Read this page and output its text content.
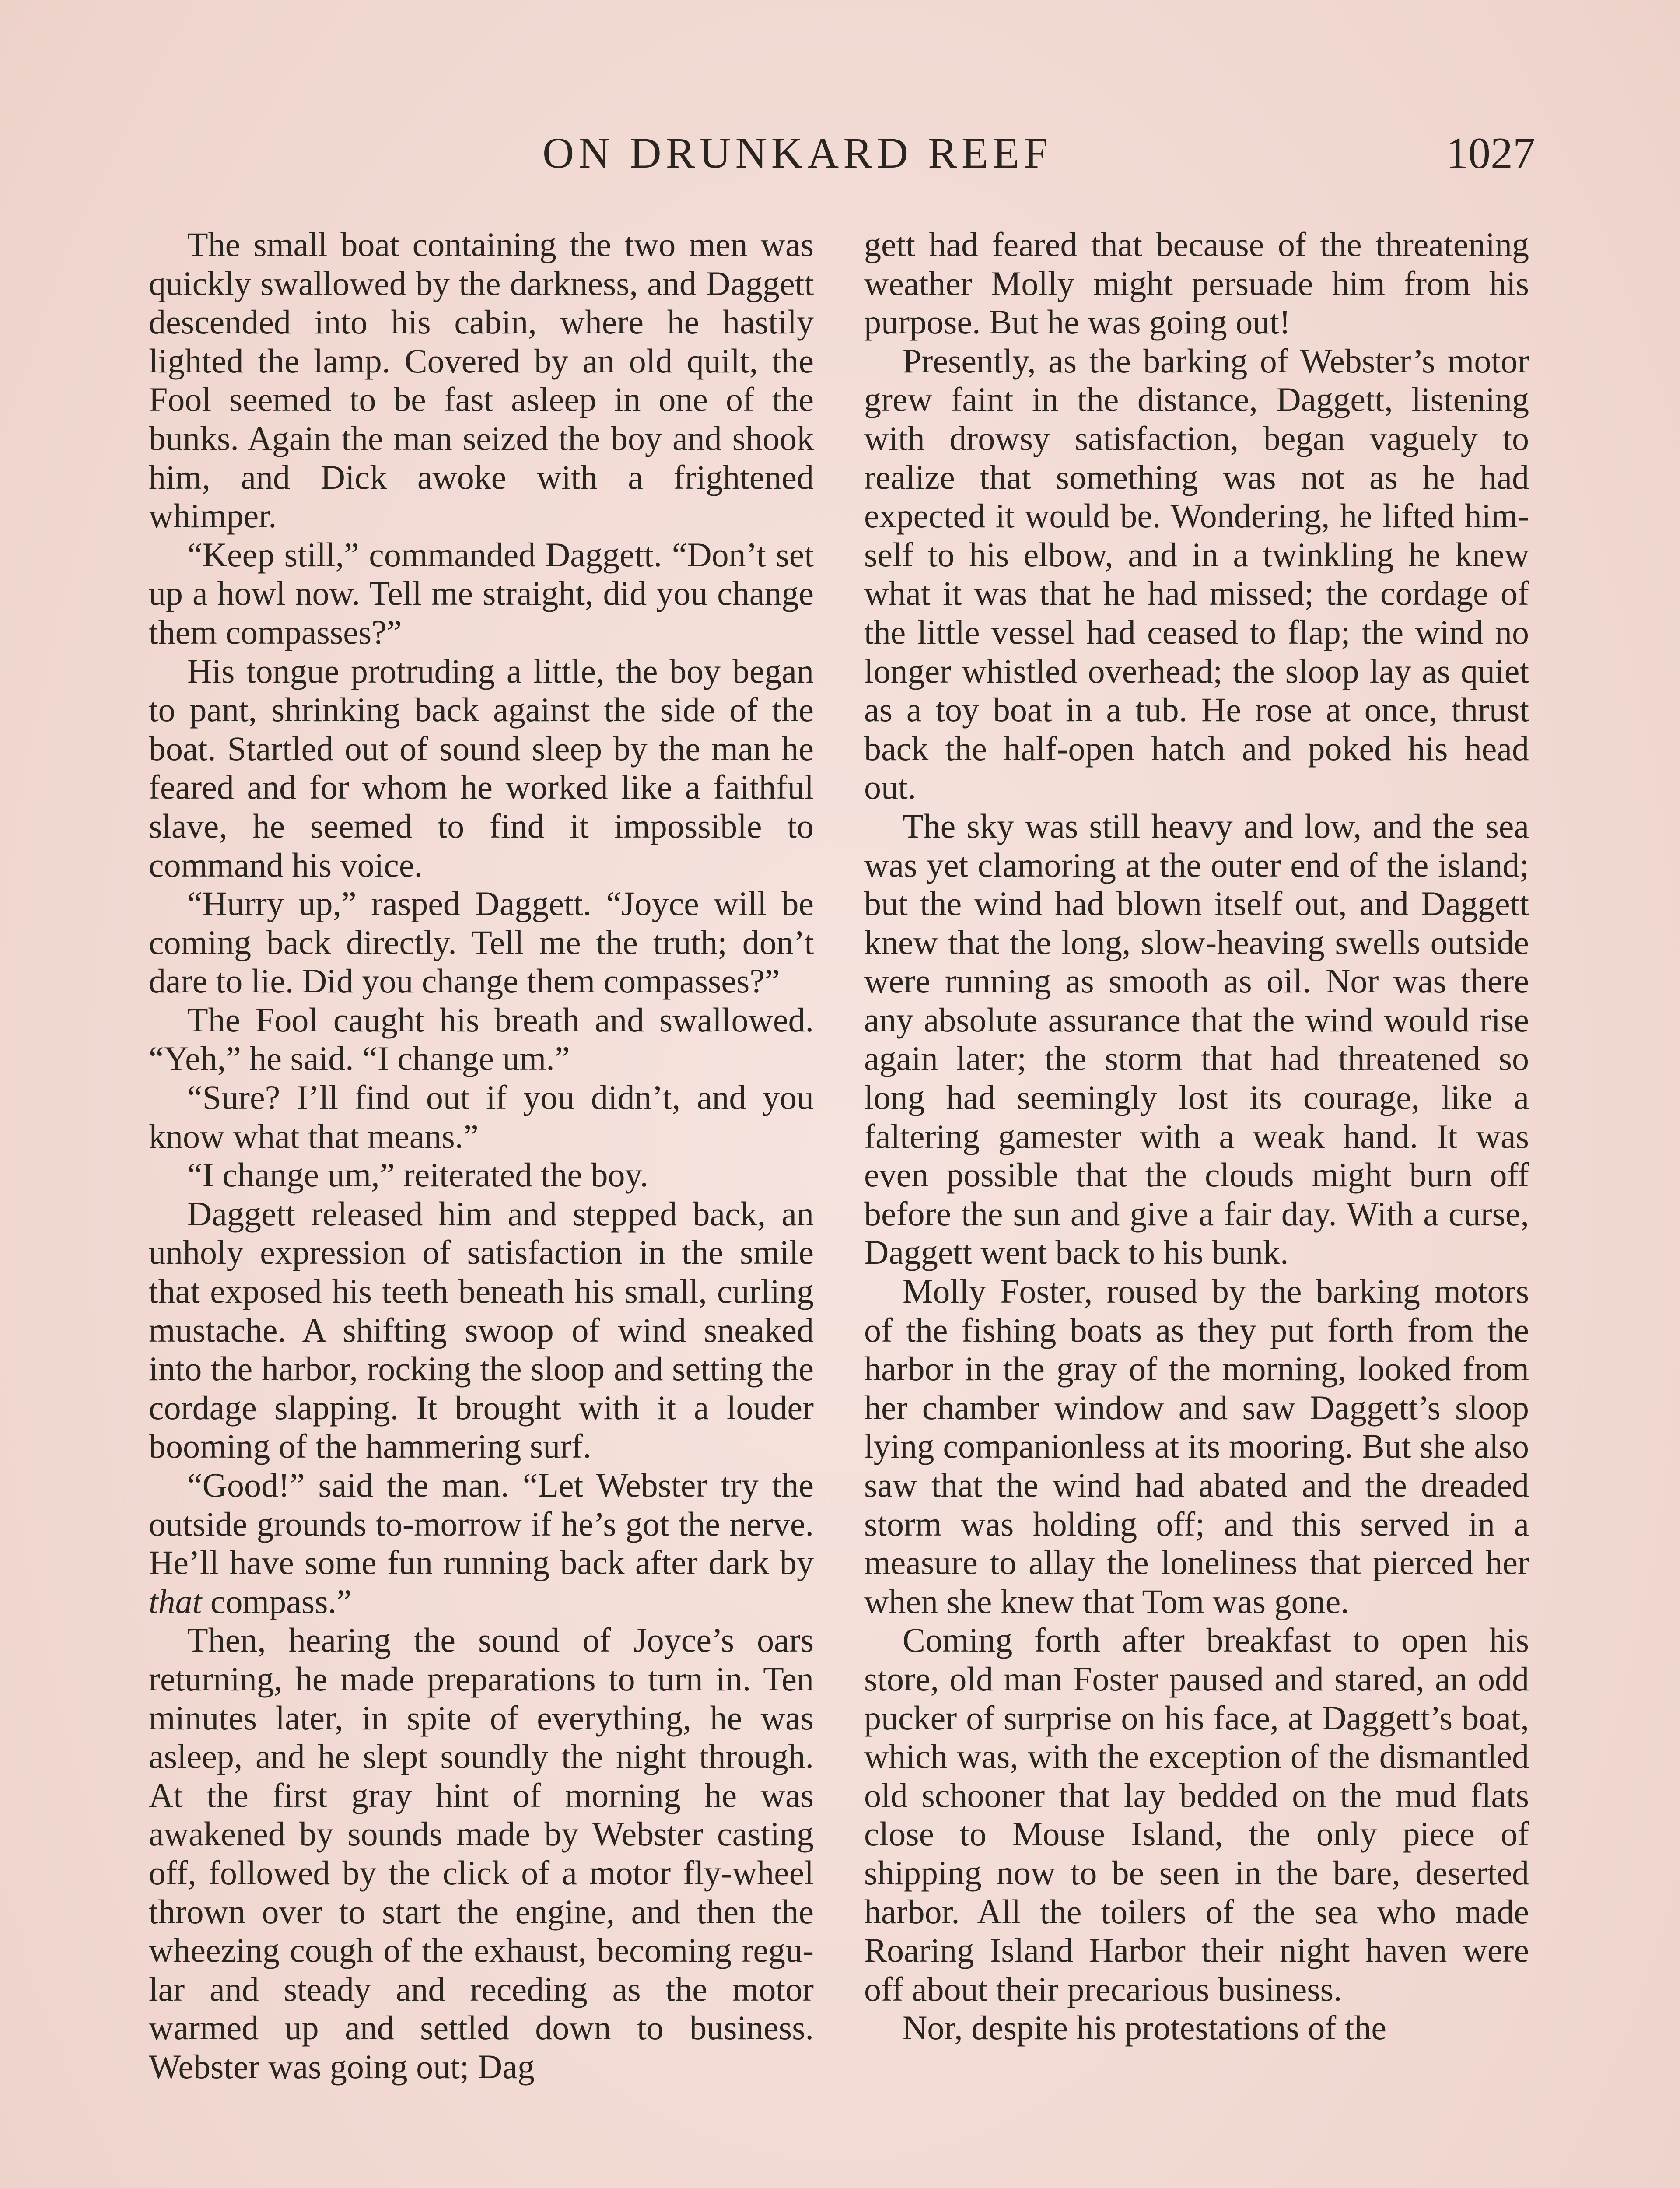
ON DRUNKARD REEF	1027

The small boat containing the two men was quickly swallowed by the darkness, and Daggett descended into his cabin, where he hastily lighted the lamp. Covered by an old quilt, the Fool seemed to be fast asleep in one of the bunks. Again the man seized the boy and shook him, and Dick awoke with a frightened whimper.

“Keep still,” commanded Daggett. “Don’t set up a howl now. Tell me straight, did you change them compasses?”

His tongue protruding a little, the boy began to pant, shrinking back against the side of the boat. Startled out of sound sleep by the man he feared and for whom he worked like a faithful slave, he seemed to find it impossible to command his voice.

“Hurry up,” rasped Daggett. “Joyce will be coming back directly. Tell me the truth; don’t dare to lie. Did you change them compasses?”

The Fool caught his breath and swallowed. “Yeh,” he said. “I change um.”

“Sure? I’ll find out if you didn’t, and you know what that means.”

“I change um,” reiterated the boy.

Daggett released him and stepped back, an unholy expression of satisfaction in the smile that exposed his teeth beneath his small, curling mustache. A shifting swoop of wind sneaked into the harbor, rocking the sloop and setting the cordage slapping. It brought with it a louder booming of the hammering surf.

“Good!” said the man. “Let Webster try the outside grounds to-morrow if he’s got the nerve. He’ll have some fun running back after dark by that compass.”

Then, hearing the sound of Joyce’s oars returning, he made preparations to turn in. Ten minutes later, in spite of everything, he was asleep, and he slept soundly the night through. At the first gray hint of morning he was awakened by sounds made by Webster casting off, followed by the click of a motor fly-wheel thrown over to start the engine, and then the wheezing cough of the exhaust, becoming regular and steady and receding as the motor warmed up and settled down to business. Webster was going out; Dag

gett had feared that because of the threatening weather Molly might persuade him from his purpose. But he was going out!

Presently, as the barking of Webster’s motor grew faint in the distance, Daggett, listening with drowsy satisfaction, began vaguely to realize that something was not as he had expected it would be. Wondering, he lifted himself to his elbow, and in a twinkling he knew what it was that he had missed; the cordage of the little vessel had ceased to flap; the wind no longer whistled overhead; the sloop lay as quiet as a toy boat in a tub. He rose at once, thrust back the half-open hatch and poked his head out.

The sky was still heavy and low, and the sea was yet clamoring at the outer end of the island; but the wind had blown itself out, and Daggett knew that the long, slow-heaving swells outside were running as smooth as oil. Nor was there any absolute assurance that the wind would rise again later; the storm that had threatened so long had seemingly lost its courage, like a faltering gamester with a weak hand. It was even possible that the clouds might burn off before the sun and give a fair day. With a curse, Daggett went back to his bunk.

Molly Foster, roused by the barking motors of the fishing boats as they put forth from the harbor in the gray of the morning, looked from her chamber window and saw Daggett’s sloop lying companionless at its mooring. But she also saw that the wind had abated and the dreaded storm was holding off; and this served in a measure to allay the loneliness that pierced her when she knew that Tom was gone.

Coming forth after breakfast to open his store, old man Foster paused and stared, an odd pucker of surprise on his face, at Daggett’s boat, which was, with the exception of the dismantled old schooner that lay bedded on the mud flats close to Mouse Island, the only piece of shipping now to be seen in the bare, deserted harbor. All the toilers of the sea who made Roaring Island Harbor their night haven were off about their precarious business.

Nor, despite his protestations of the
